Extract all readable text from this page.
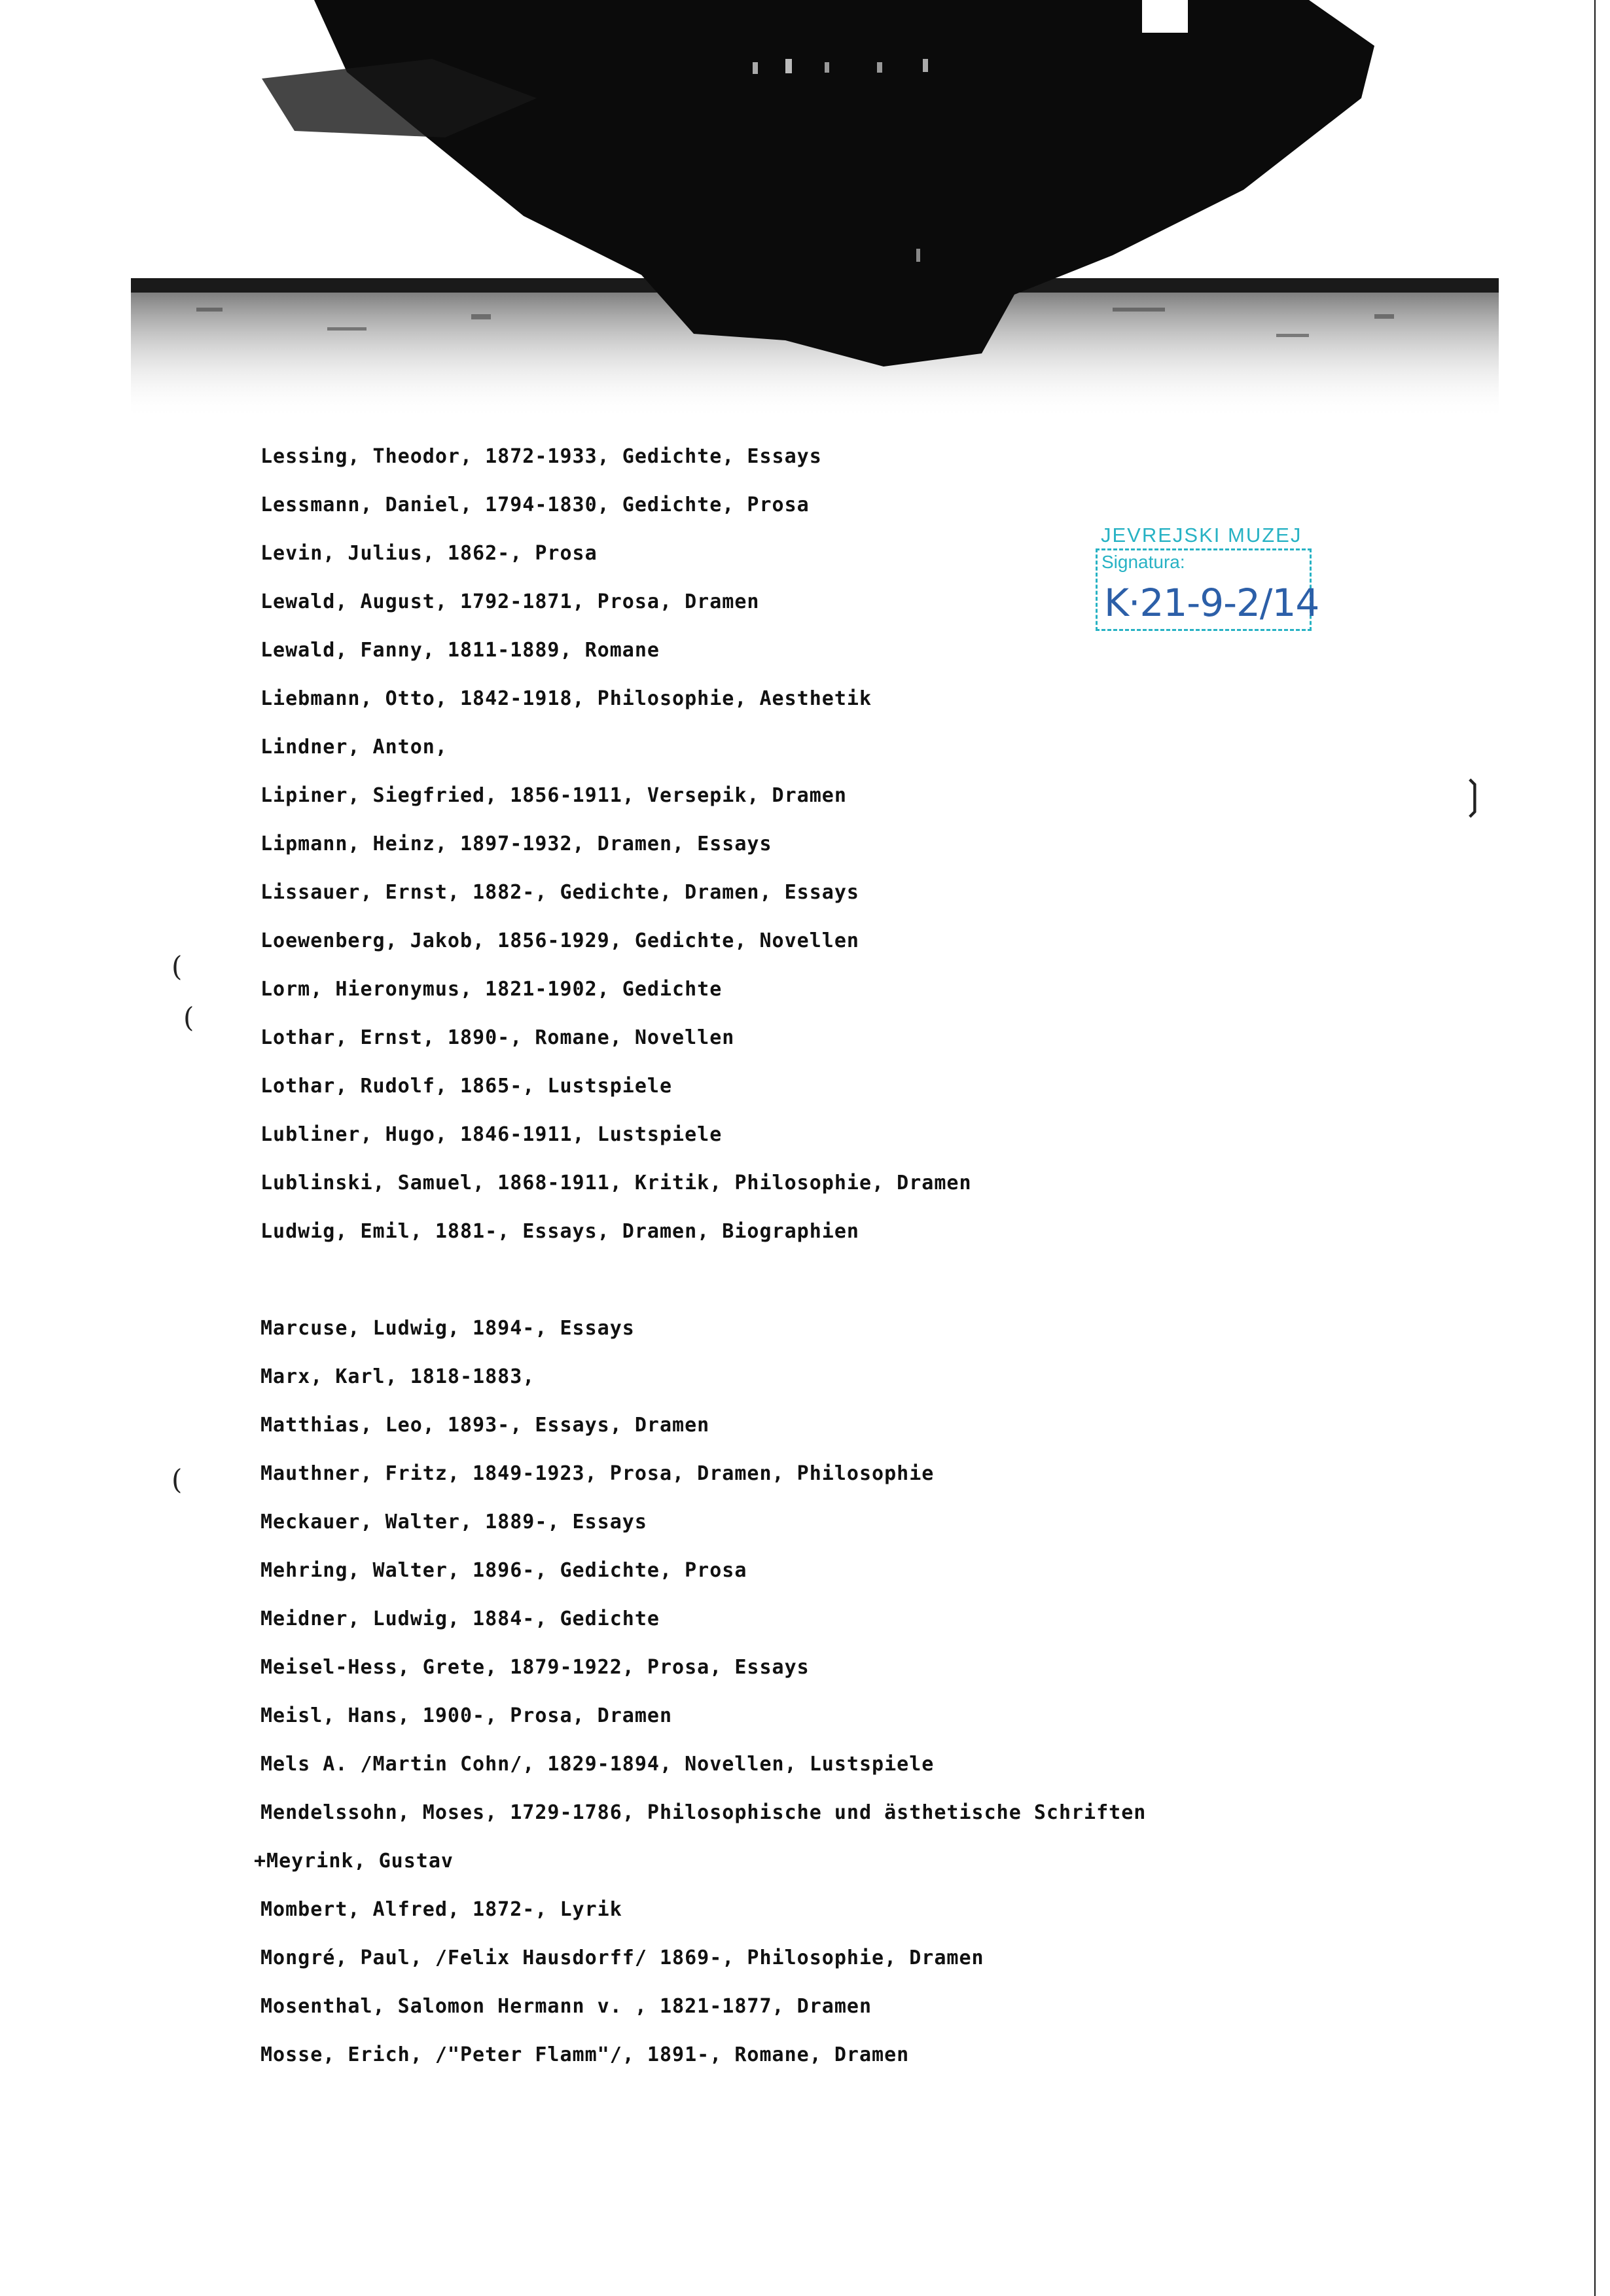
JEVREJSKI MUZEJ
Signatura:
K·21-9-2/14
(
(
(
❳
Lessing, Theodor, 1872-1933, Gedichte, Essays
Lessmann, Daniel, 1794-1830, Gedichte, Prosa
Levin, Julius, 1862-, Prosa
Lewald, August, 1792-1871, Prosa, Dramen
Lewald, Fanny, 1811-1889, Romane
Liebmann, Otto, 1842-1918, Philosophie, Aesthetik
Lindner, Anton,
Lipiner, Siegfried, 1856-1911, Versepik, Dramen
Lipmann, Heinz, 1897-1932, Dramen, Essays
Lissauer, Ernst, 1882-, Gedichte, Dramen, Essays
Loewenberg, Jakob, 1856-1929, Gedichte, Novellen
Lorm, Hieronymus, 1821-1902, Gedichte
Lothar, Ernst, 1890-, Romane, Novellen
Lothar, Rudolf, 1865-, Lustspiele
Lubliner, Hugo, 1846-1911, Lustspiele
Lublinski, Samuel, 1868-1911, Kritik, Philosophie, Dramen
Ludwig, Emil, 1881-, Essays, Dramen, Biographien
Marcuse, Ludwig, 1894-, Essays
Marx, Karl, 1818-1883,
Matthias, Leo, 1893-, Essays, Dramen
Mauthner, Fritz, 1849-1923, Prosa, Dramen, Philosophie
Meckauer, Walter, 1889-, Essays
Mehring, Walter, 1896-, Gedichte, Prosa
Meidner, Ludwig, 1884-, Gedichte
Meisel-Hess, Grete, 1879-1922, Prosa, Essays
Meisl, Hans, 1900-, Prosa, Dramen
Mels A. /Martin Cohn/, 1829-1894, Novellen, Lustspiele
Mendelssohn, Moses, 1729-1786, Philosophische und ästhetische Schriften
+Meyrink, Gustav
Mombert, Alfred, 1872-, Lyrik
Mongré, Paul, /Felix Hausdorff/ 1869-, Philosophie, Dramen
Mosenthal, Salomon Hermann v. , 1821-1877, Dramen
Mosse, Erich, /"Peter Flamm"/, 1891-, Romane, Dramen
